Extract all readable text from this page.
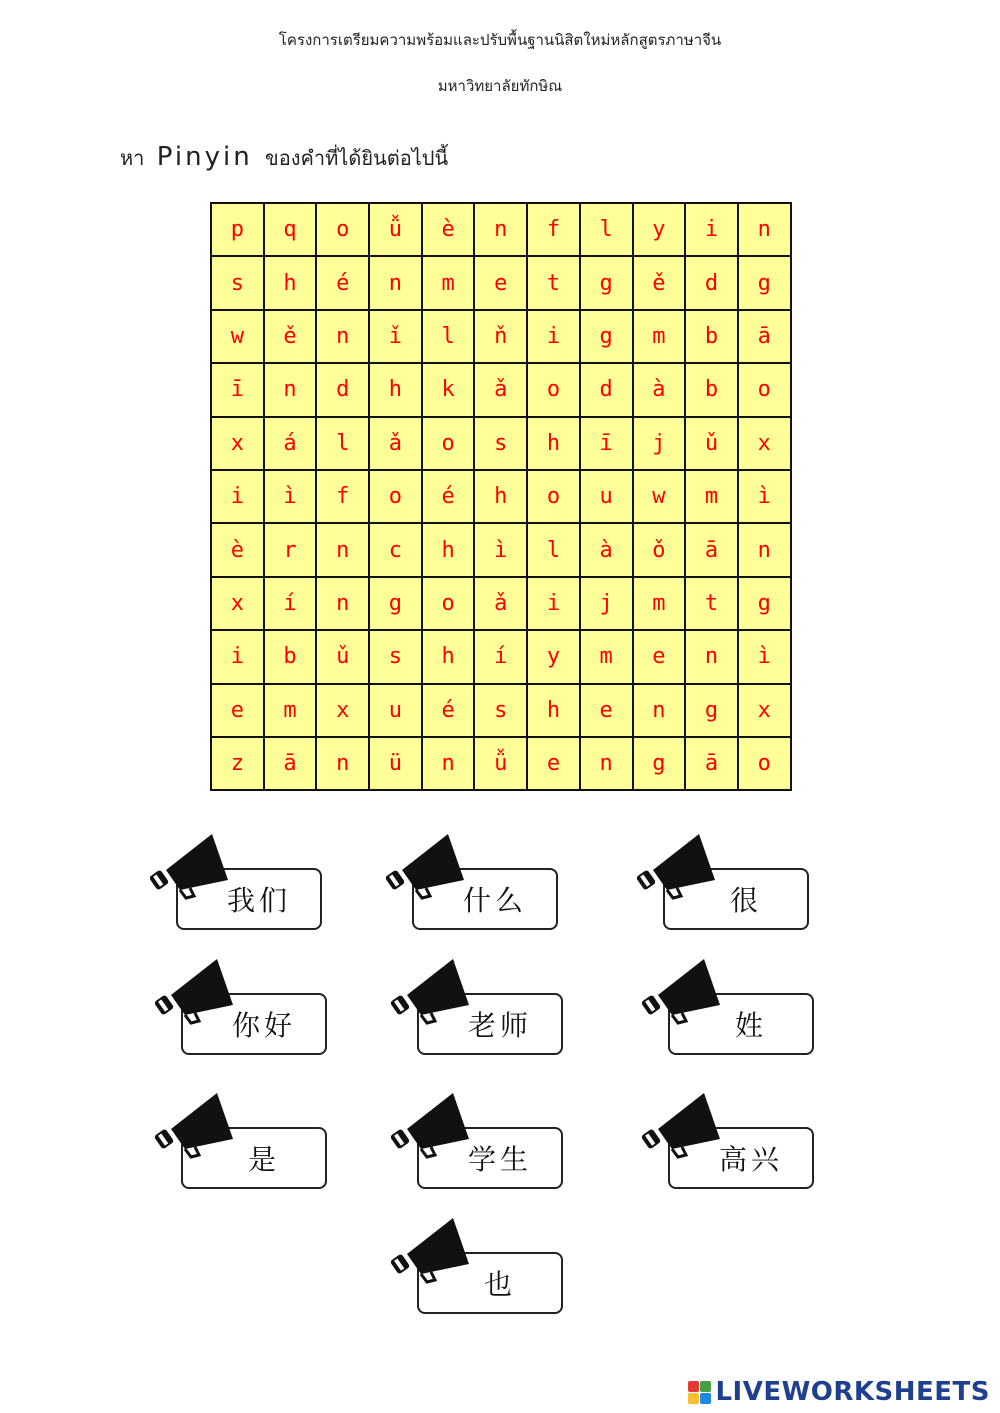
โครงการเตรียมความพร้อมและปรับพื้นฐานนิสิตใหม่หลักสูตรภาษาจีน
มหาวิทยาลัยทักษิณ
หา Pinyin ของคำที่ได้ยินต่อไปนี้
p	q	o	ǚ	è	n	f	l	y	i	n
s	h	é	n	m	e	t	g	ě	d	g
w	ě	n	ǐ	l	ň	i	g	m	b	ā
ī	n	d	h	k	ǎ	o	d	à	b	o
x	á	l	ǎ	o	s	h	ī	j	ǔ	x
i	ì	f	o	é	h	o	u	w	m	ì
è	r	n	c	h	ì	l	à	ǒ	ā	n
x	í	n	g	o	ǎ	i	j	m	t	g
i	b	ǔ	s	h	í	y	m	e	n	ì
e	m	x	u	é	s	h	e	n	g	x
z	ā	n	ü	n	ǚ	e	n	g	ā	o
我们	什么	很
你好	老师	姓
是	学生	高兴
也
LIVEWORKSHEETS
